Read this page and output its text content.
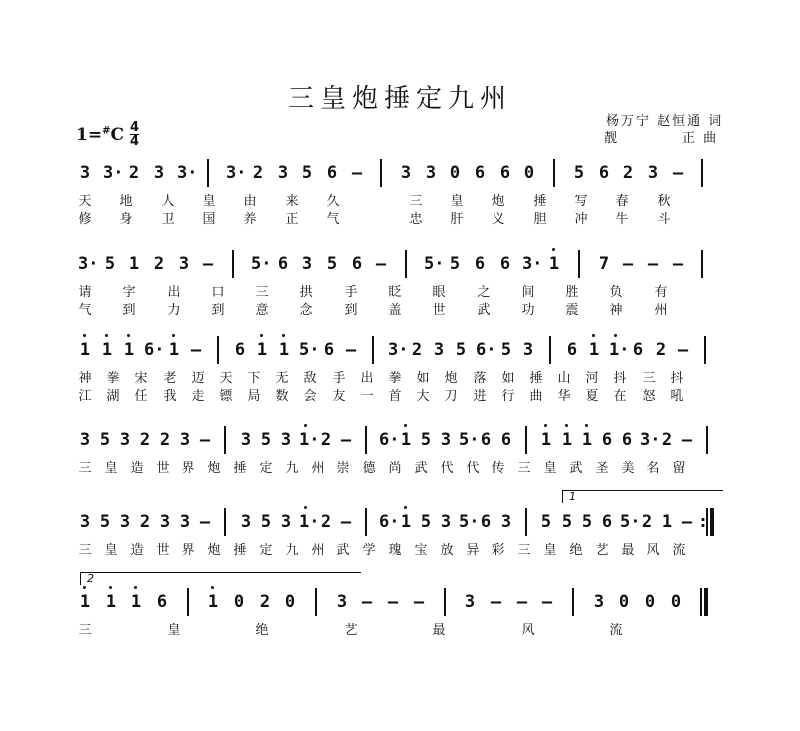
三皇炮捶定九州
杨万宁 赵恒通 词
靓	正 曲
1=#C 4
4
3 3· 2 3 3· 3· 2 3 5 6 – 3 3 0 6 6 0 5 6 2 3 –
天 地 人 皇 由 来 久	三 皇 炮 捶 写 春 秋
修 身 卫 国 养 正 气	忠 肝 义 胆 冲 牛 斗
3· 5 1 2 3 – 5· 6 3 5 6 – 5· 5 6 6 3· 1 7 – – –
请 字 出 口 三 拱 手 眨 眼 之 间 胜 负 有
气 到 力 到 意 念 到 盖 世 武 功 震 神 州
1 1 1 6· 1 – 6 1 1 5· 6 – 3· 2 3 5 6· 5 3 6 1 1· 6 2 –
神 拳 宋 老 迈 天 下 无 敌 手 出 拳 如 炮 落 如 捶 山 河 抖 三 抖
江 湖 任 我 走 镖 局 数 会 友 一 首 大 刀 进 行 曲 华 夏 在 怒 吼
3 5 3 2 2 3 – 3 5 3 1· 2 – 6· 1 5 3 5· 6 6 1 1 1 6 6 3· 2 –
三 皇 造 世 界 炮 捶 定 九 州 崇 德 尚 武 代 代 传 三 皇 武 圣 美 名 留
3 5 3 2 3 3 – 3 5 3 1· 2 – 6· 1 5 3 5· 6 3 5 5 5 6 5· 2 1 – :
三 皇 造 世 界 炮 捶 定 九 州 武 学 瑰 宝 放 异 彩 三 皇 绝 艺 最 风 流
1
1 1 1 6 1 0 2 0 3 – – – 3 – – – 3 0 0 0
三	皇	绝	艺	最	风	流
2
